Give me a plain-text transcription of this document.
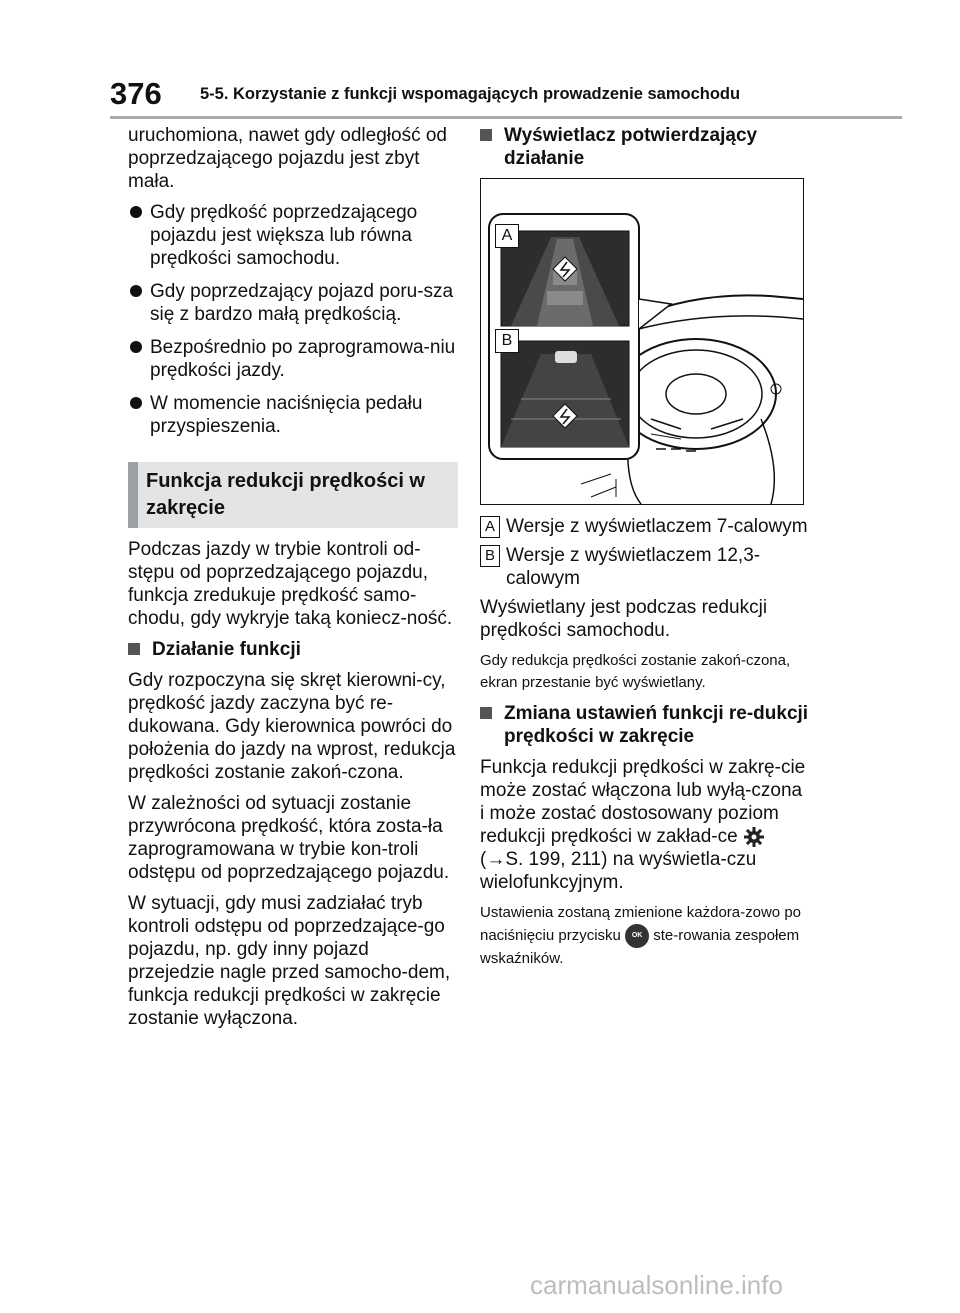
376 5-5. Korzystanie z funkcji wspomagających prowadzenie samochodu

uruchomiona, nawet gdy odległość od poprzedzającego pojazdu jest zbyt mała.

Gdy prędkość poprzedzającego pojazdu jest większa lub równa prędkości samochodu.
Gdy poprzedzający pojazd poru-sza się z bardzo małą prędkością.
Bezpośrednio po zaprogramowa-niu prędkości jazdy.
W momencie naciśnięcia pedału przyspieszenia.
Funkcja redukcji prędkości w zakręcie

Podczas jazdy w trybie kontroli od-stępu od poprzedzającego pojazdu, funkcja zredukuje prędkość samo-chodu, gdy wykryje taką koniecz-ność.

Działanie funkcji

Gdy rozpoczyna się skręt kierowni-cy, prędkość jazdy zaczyna być re-dukowana. Gdy kierownica powróci do położenia do jazdy na wprost, redukcja prędkości zostanie zakoń-czona.

W zależności od sytuacji zostanie przywrócona prędkość, która zosta-ła zaprogramowana w trybie kon-troli odstępu od poprzedzającego pojazdu.

W sytuacji, gdy musi zadziałać tryb kontroli odstępu od poprzedzające-go pojazdu, np. gdy inny pojazd przejedzie nagle przed samocho-dem, funkcja redukcji prędkości w zakręcie zostanie wyłączona.

Wyświetlacz potwierdzający działanie
A
B
A Wersje z wyświetlaczem 7-calowym
B Wersje z wyświetlaczem 12,3-calowym

Wyświetlany jest podczas redukcji prędkości samochodu.

Gdy redukcja prędkości zostanie zakoń-czona, ekran przestanie być wyświetlany.

Zmiana ustawień funkcji re-dukcji prędkości w zakręcie

Funkcja redukcji prędkości w zakrę-cie może zostać włączona lub wyłą-czona i może zostać dostosowany poziom redukcji prędkości w zakład-ce  (→S. 199, 211) na wyświetla-czu wielofunkcyjnym.

Ustawienia zostaną zmienione każdora-zowo po naciśnięciu przycisku OK ste-rowania zespołem wskaźników.

carmanualsonline.info
